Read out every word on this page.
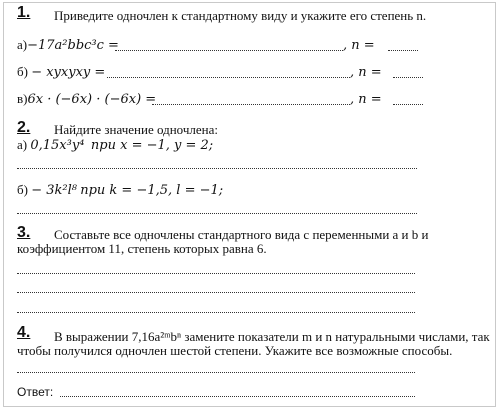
1. Приведите одночлен к стандартному виду и укажите его степень n.
а)−17a²bbc³c =	, n =
б) − xyxyxy =	, n =
в)6x · (−6x) · (−6x) =	, n =
2. Найдите значение одночлена:
а) 0,15x³y⁴ при x = −1, y = 2;
б) − 3k²l⁸ при k = −1,5, l = −1;
3. Составьте все одночлены стандартного вида с переменными a и b и
коэффициентом 11, степень которых равна 6.
4. В выражении 7,16a²ᵐbⁿ замените показатели m и n натуральными числами, так
чтобы получился одночлен шестой степени. Укажите все возможные способы.
Ответ:
